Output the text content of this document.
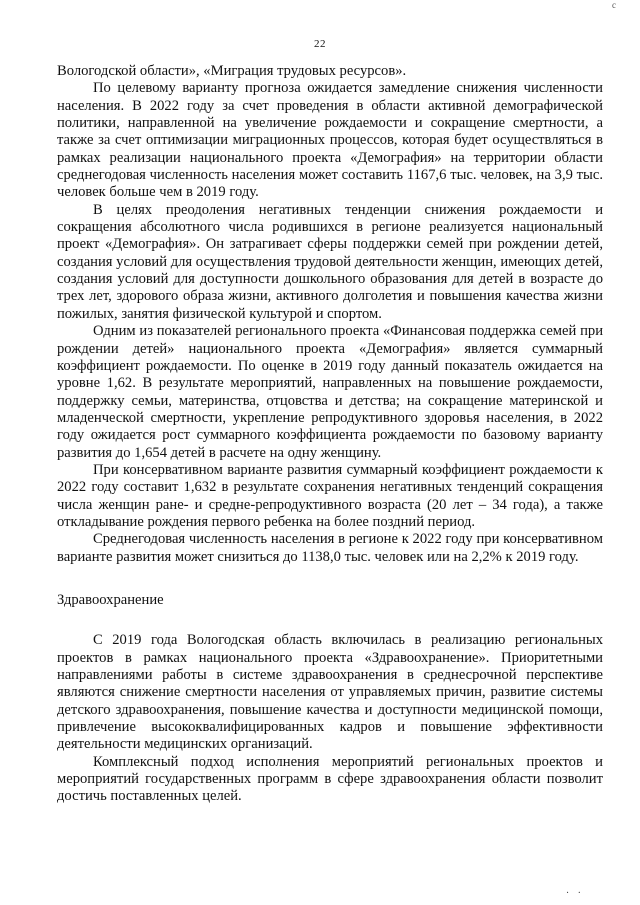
с
22

Вологодской области», «Миграция трудовых ресурсов».

По целевому варианту прогноза ожидается замедление снижения численности населения. В 2022 году за счет проведения в области активной демографической политики, направленной на увеличение рождаемости и сокращение смертности, а также за счет оптимизации миграционных процессов, которая будет осуществляться в рамках реализации национального проекта «Демография» на территории области среднегодовая численность населения может составить 1167,6 тыс. человек, на 3,9 тыс. человек больше чем в 2019 году.

В целях преодоления негативных тенденции снижения рождаемости и сокращения абсолютного числа родившихся в регионе реализуется национальный проект «Демография». Он затрагивает сферы поддержки семей при рождении детей, создания условий для осуществления трудовой деятельности женщин, имеющих детей, создания условий для доступности дошкольного образования для детей в возрасте до трех лет, здорового образа жизни, активного долголетия и повышения качества жизни пожилых, занятия физической культурой и спортом.

Одним из показателей регионального проекта «Финансовая поддержка семей при рождении детей» национального проекта «Демография» является суммарный коэффициент рождаемости. По оценке в 2019 году данный показатель ожидается на уровне 1,62. В результате мероприятий, направленных на повышение рождаемости, поддержку семьи, материнства, отцовства и детства; на сокращение материнской и младенческой смертности, укрепление репродуктивного здоровья населения, в 2022 году ожидается рост суммарного коэффициента рождаемости по базовому варианту развития до 1,654 детей в расчете на одну женщину.

При консервативном варианте развития суммарный коэффициент рождаемости к 2022 году составит 1,632 в результате сохранения негативных тенденций сокращения числа женщин ране- и средне-репродуктивного возраста (20 лет – 34 года), а также откладывание рождения первого ребенка на более поздний период.

Среднегодовая численность населения в регионе к 2022 году при консервативном варианте развития может снизиться до 1138,0 тыс. человек или на 2,2% к 2019 году.

Здравоохранение

С 2019 года Вологодская область включилась в реализацию региональных проектов в рамках национального проекта «Здравоохранение». Приоритетными направлениями работы в системе здравоохранения в среднесрочной перспективе являются снижение смертности населения от управляемых причин, развитие системы детского здравоохранения, повышение качества и доступности медицинской помощи, привлечение высококвалифицированных кадров и повышение эффективности деятельности медицинских организаций.

Комплексный подход исполнения мероприятий региональных проектов и мероприятий государственных программ в сфере здравоохранения области позволит достичь поставленных целей.

· ·
